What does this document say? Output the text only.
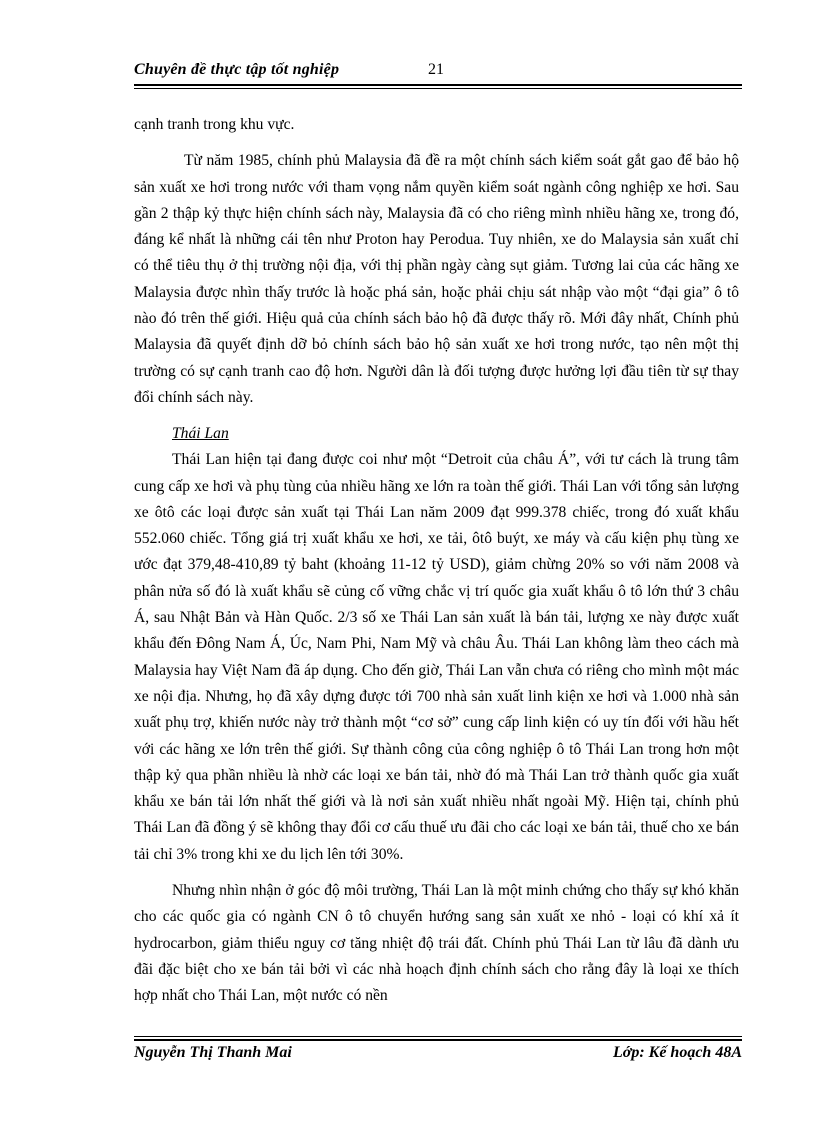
Chuyên đề thực tập tốt nghiệp	21

cạnh tranh trong khu vực.

Từ năm 1985, chính phủ Malaysia đã đề ra một chính sách kiểm soát gắt gao để bảo hộ sản xuất xe hơi trong nước với tham vọng nắm quyền kiểm soát ngành công nghiệp xe hơi. Sau gần 2 thập kỷ thực hiện chính sách này, Malaysia đã có cho riêng mình nhiều hãng xe, trong đó, đáng kể nhất là những cái tên như Proton hay Perodua. Tuy nhiên, xe do Malaysia sản xuất chỉ có thể tiêu thụ ở thị trường nội địa, với thị phần ngày càng sụt giảm. Tương lai của các hãng xe Malaysia được nhìn thấy trước là hoặc phá sản, hoặc phải chịu sát nhập vào một “đại gia” ô tô nào đó trên thế giới. Hiệu quả của chính sách bảo hộ đã được thấy rõ. Mới đây nhất, Chính phủ Malaysia đã quyết định dỡ bỏ chính sách bảo hộ sản xuất xe hơi trong nước, tạo nên một thị trường có sự cạnh tranh cao độ hơn. Người dân là đối tượng được hưởng lợi đầu tiên từ sự thay đổi chính sách này.

Thái Lan

Thái Lan hiện tại đang được coi như một “Detroit của châu Á”, với tư cách là trung tâm cung cấp xe hơi và phụ tùng của nhiều hãng xe lớn ra toàn thế giới. Thái Lan với tổng sản lượng xe ôtô các loại được sản xuất tại Thái Lan năm 2009 đạt 999.378 chiếc, trong đó xuất khẩu 552.060 chiếc. Tổng giá trị xuất khẩu xe hơi, xe tải, ôtô buýt, xe máy và cấu kiện phụ tùng xe ước đạt 379,48-410,89 tỷ baht (khoảng 11-12 tỷ USD), giảm chừng 20% so với năm 2008 và phân nửa số đó là xuất khẩu sẽ củng cố vững chắc vị trí quốc gia xuất khẩu ô tô lớn thứ 3 châu Á, sau Nhật Bản và Hàn Quốc. 2/3 số xe Thái Lan sản xuất là bán tải, lượng xe này được xuất khẩu đến Đông Nam Á, Úc, Nam Phi, Nam Mỹ và châu Âu. Thái Lan không làm theo cách mà Malaysia hay Việt Nam đã áp dụng. Cho đến giờ, Thái Lan vẫn chưa có riêng cho mình một mác xe nội địa. Nhưng, họ đã xây dựng được tới 700 nhà sản xuất linh kiện xe hơi và 1.000 nhà sản xuất phụ trợ, khiến nước này trở thành một “cơ sở” cung cấp linh kiện có uy tín đối với hầu hết với các hãng xe lớn trên thế giới. Sự thành công của công nghiệp ô tô Thái Lan trong hơn một thập kỷ qua phần nhiều là nhờ các loại xe bán tải, nhờ đó mà Thái Lan trở thành quốc gia xuất khẩu xe bán tải lớn nhất thế giới và là nơi sản xuất nhiều nhất ngoài Mỹ. Hiện tại, chính phủ Thái Lan đã đồng ý sẽ không thay đổi cơ cấu thuế ưu đãi cho các loại xe bán tải, thuế cho xe bán tải chỉ 3% trong khi xe du lịch lên tới 30%.

Nhưng nhìn nhận ở góc độ môi trường, Thái Lan là một minh chứng cho thấy sự khó khăn cho các quốc gia có ngành CN ô tô chuyển hướng sang sản xuất xe nhỏ - loại có khí xả ít hydrocarbon, giảm thiểu nguy cơ tăng nhiệt độ trái đất. Chính phủ Thái Lan từ lâu đã dành ưu đãi đặc biệt cho xe bán tải bởi vì các nhà hoạch định chính sách cho rằng đây là loại xe thích hợp nhất cho Thái Lan, một nước có nền

Nguyễn Thị Thanh Mai	Lớp: Kế hoạch 48A
